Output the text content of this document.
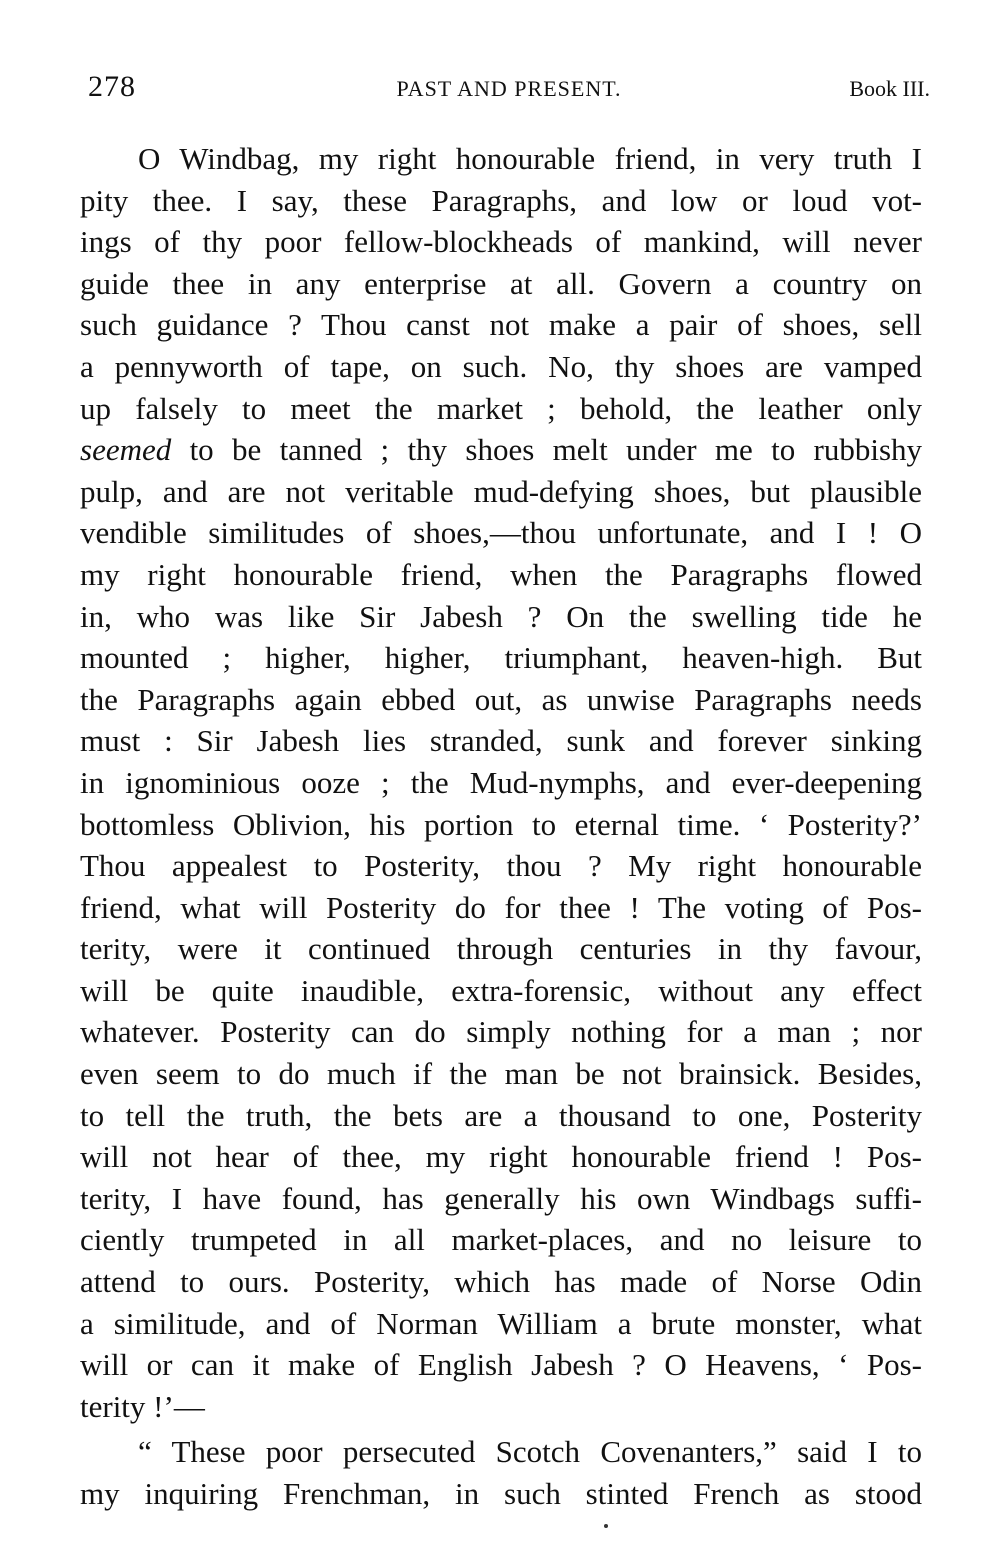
278	PAST AND PRESENT.	Book III.
O Windbag, my right honourable friend, in very truth I
pity thee. I say, these Paragraphs, and low or loud vot-
ings of thy poor fellow-blockheads of mankind, will never
guide thee in any enterprise at all. Govern a country on
such guidance ? Thou canst not make a pair of shoes, sell
a pennyworth of tape, on such. No, thy shoes are vamped
up falsely to meet the market ; behold, the leather only
seemed to be tanned ; thy shoes melt under me to rubbishy
pulp, and are not veritable mud-defying shoes, but plausible
vendible similitudes of shoes,—thou unfortunate, and I ! O
my right honourable friend, when the Paragraphs flowed
in, who was like Sir Jabesh ? On the swelling tide he
mounted ; higher, higher, triumphant, heaven-high. But
the Paragraphs again ebbed out, as unwise Paragraphs needs
must : Sir Jabesh lies stranded, sunk and forever sinking
in ignominious ooze ; the Mud-nymphs, and ever-deepening
bottomless Oblivion, his portion to eternal time. ‘ Posterity?’
Thou appealest to Posterity, thou ? My right honourable
friend, what will Posterity do for thee ! The voting of Pos-
terity, were it continued through centuries in thy favour,
will be quite inaudible, extra-forensic, without any effect
whatever. Posterity can do simply nothing for a man ; nor
even seem to do much if the man be not brainsick. Besides,
to tell the truth, the bets are a thousand to one, Posterity
will not hear of thee, my right honourable friend ! Pos-
terity, I have found, has generally his own Windbags suffi-
ciently trumpeted in all market-places, and no leisure to
attend to ours. Posterity, which has made of Norse Odin
a similitude, and of Norman William a brute monster, what
will or can it make of English Jabesh ? O Heavens, ‘ Pos-
terity !’—
“ These poor persecuted Scotch Covenanters,” said I to
my inquiring Frenchman, in such stinted French as stood
